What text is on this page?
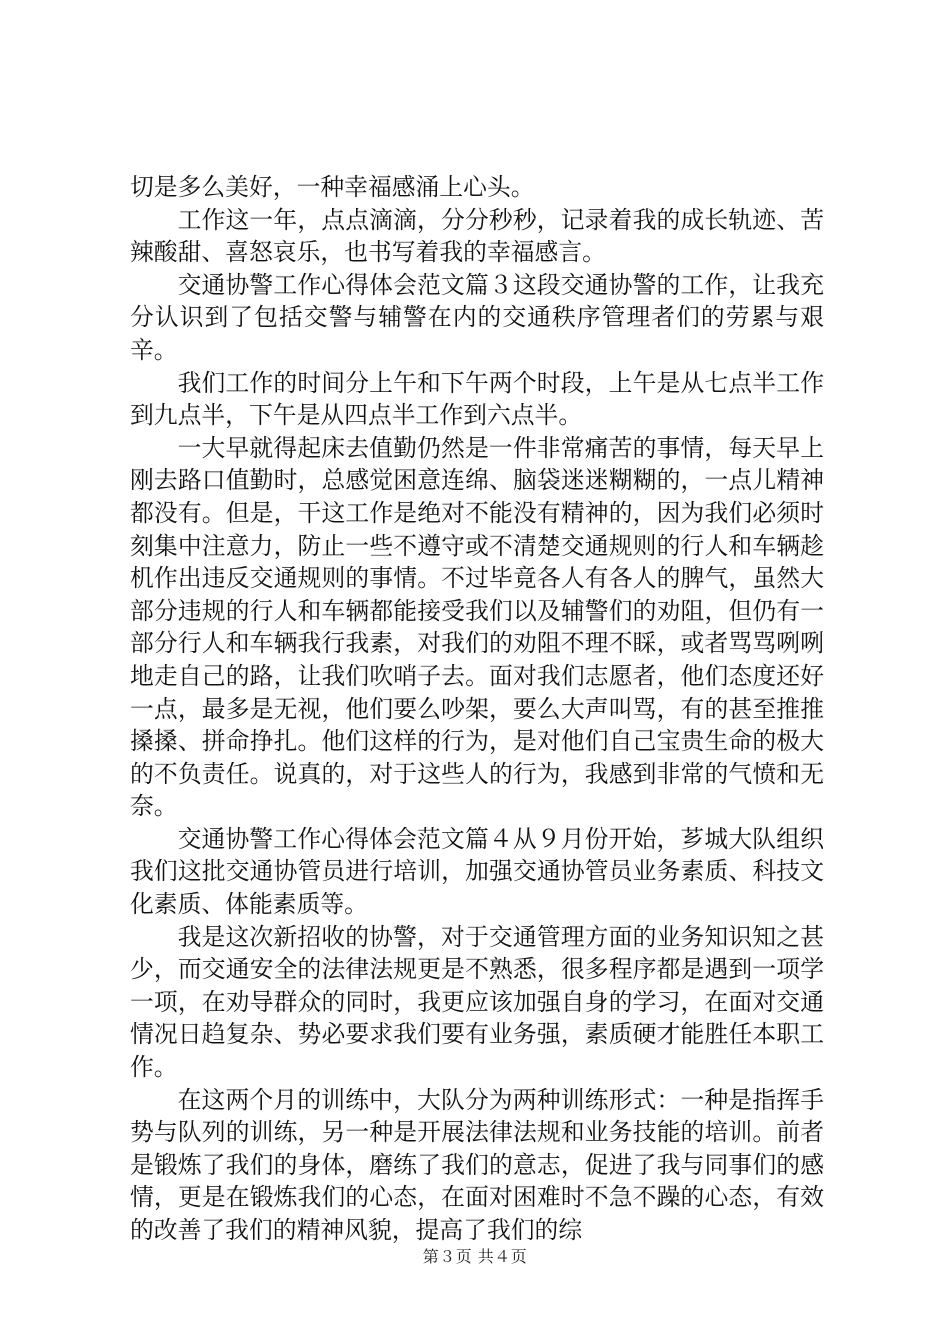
切是多么美好，一种幸福感涌上心头。

工作这一年，点点滴滴，分分秒秒，记录着我的成长轨迹、苦辣酸甜、喜怒哀乐，也书写着我的幸福感言。

交通协警工作心得体会范文篇３这段交通协警的工作，让我充分认识到了包括交警与辅警在内的交通秩序管理者们的劳累与艰辛。

我们工作的时间分上午和下午两个时段，上午是从七点半工作到九点半，下午是从四点半工作到六点半。

一大早就得起床去值勤仍然是一件非常痛苦的事情，每天早上刚去路口值勤时，总感觉困意连绵、脑袋迷迷糊糊的，一点儿精神都没有。但是，干这工作是绝对不能没有精神的，因为我们必须时刻集中注意力，防止一些不遵守或不清楚交通规则的行人和车辆趁机作出违反交通规则的事情。不过毕竟各人有各人的脾气，虽然大部分违规的行人和车辆都能接受我们以及辅警们的劝阻，但仍有一部分行人和车辆我行我素，对我们的劝阻不理不睬，或者骂骂咧咧地走自己的路，让我们吹哨子去。面对我们志愿者，他们态度还好一点，最多是无视，他们要么吵架，要么大声叫骂，有的甚至推推搡搡、拼命挣扎。他们这样的行为，是对他们自己宝贵生命的极大的不负责任。说真的，对于这些人的行为，我感到非常的气愤和无奈。

交通协警工作心得体会范文篇４从９月份开始，芗城大队组织我们这批交通协管员进行培训，加强交通协管员业务素质、科技文化素质、体能素质等。

我是这次新招收的协警，对于交通管理方面的业务知识知之甚少，而交通安全的法律法规更是不熟悉，很多程序都是遇到一项学一项，在劝导群众的同时，我更应该加强自身的学习，在面对交通情况日趋复杂、势必要求我们要有业务强，素质硬才能胜任本职工作。

在这两个月的训练中，大队分为两种训练形式：一种是指挥手势与队列的训练，另一种是开展法律法规和业务技能的培训。前者是锻炼了我们的身体，磨练了我们的意志，促进了我与同事们的感情，更是在锻炼我们的心态，在面对困难时不急不躁的心态，有效的改善了我们的精神风貌，提高了我们的综

第３页 共４页
